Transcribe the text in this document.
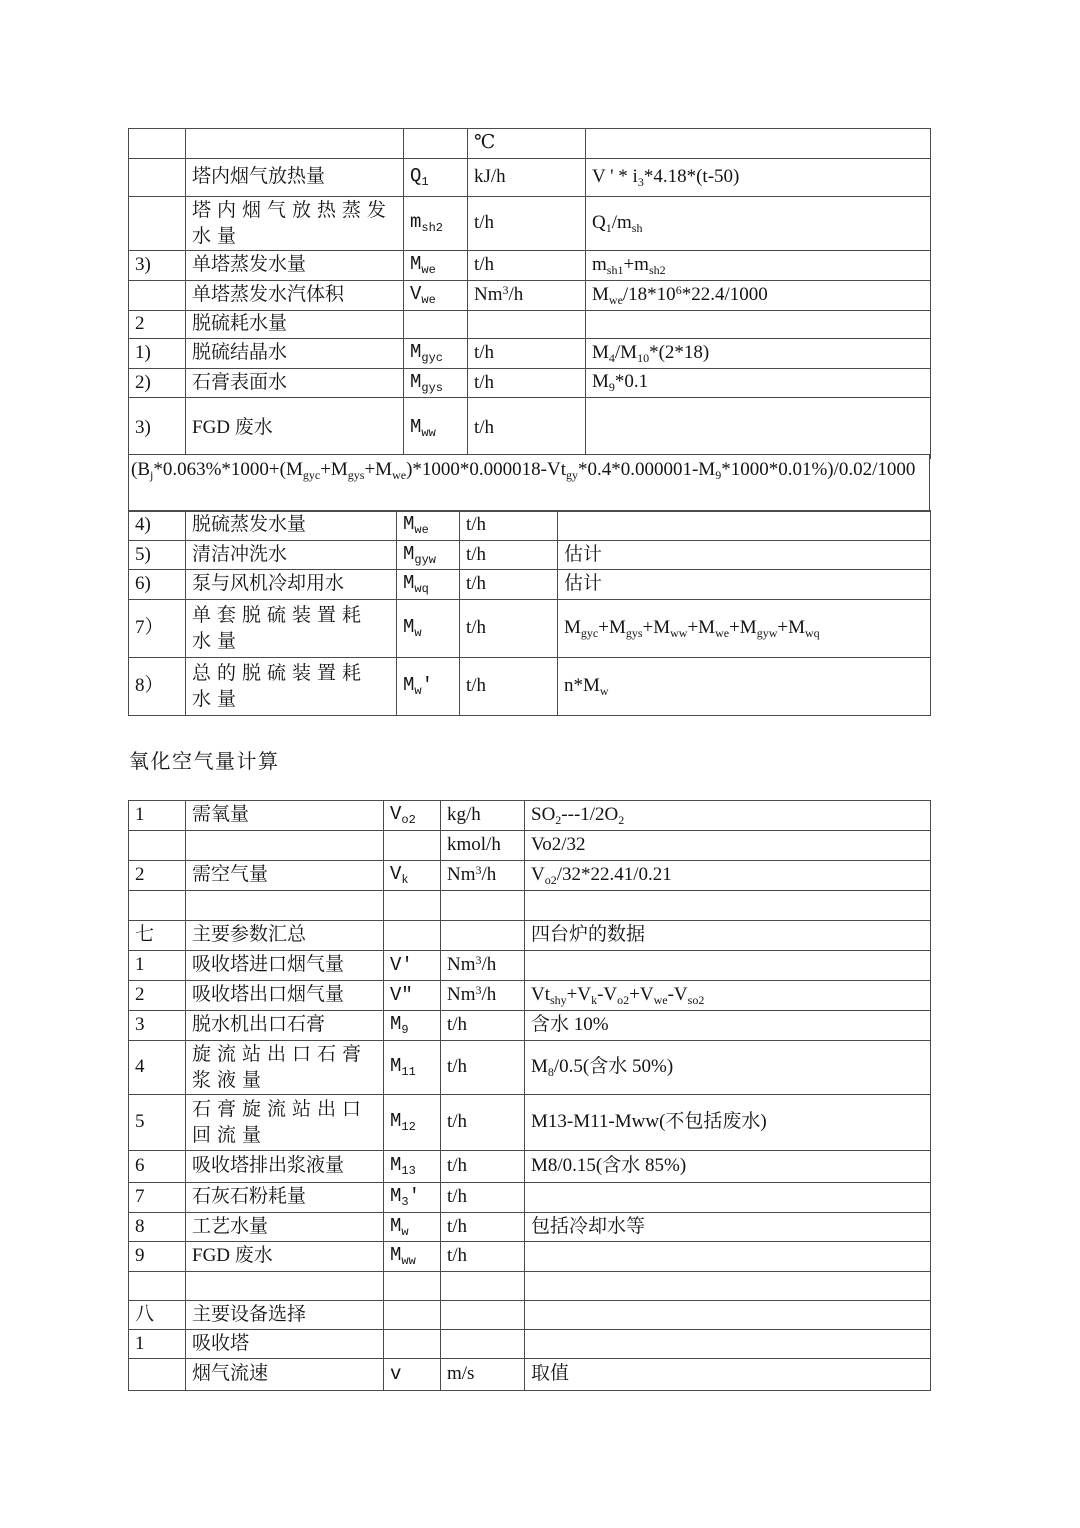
			℃	
	塔内烟气放热量	$Q_1$	kJ/h	V ' * $i_3*4.18*(t-50)$
	塔内烟气放热蒸发水量	$m_{sh2}$	t/h	$Q_1/m_{sh}$
3)	单塔蒸发水量	$M_{we}$	t/h	$m_{sh1}+m_{sh2}$
	单塔蒸发水汽体积	$V_{we}$	Nm$^3$/h	$M_{we}/18*10^6*22.4/1000$
2	脱硫耗水量			
1)	脱硫结晶水	$M_{gyc}$	t/h	$M_4/M_{10}*(2*18)$
2)	石膏表面水	$M_{gys}$	t/h	$M_9*0.1$
3)	FGD 废水	$M_{ww}$	t/h	
$(B_j*0.063\%*1000+(M_{gyc}+M_{gys}+M_{we})*1000*0.000018-Vt_{gy}*0.4*0.000001-M_9*1000*0.01\%)/0.02/1000$
4)	脱硫蒸发水量	$M_{we}$	t/h	
5)	清洁冲洗水	$M_{gyw}$	t/h	估计
6)	泵与风机冷却用水	$M_{wq}$	t/h	估计
7）	单套脱硫装置耗水量	$M_w$	t/h	$M_{gyc}+M_{gys}+M_{ww}+M_{we}+M_{gyw}+M_{wq}$
8）	总的脱硫装置耗水量	$M_w'$	t/h	$n*M_w$
氧化空气量计算
1	需氧量	$V_{o2}$	kg/h	$SO_2---1/2O_2$
			kmol/h	Vo2/32
2	需空气量	$V_k$	Nm$^3$/h	$V_{o2}/32*22.41/0.21$

七	主要参数汇总			四台炉的数据
1	吸收塔进口烟气量	V'	Nm$^3$/h	
2	吸收塔出口烟气量	V″	Nm$^3$/h	$Vt_{shy}+V_k-V_{o2}+V_{we}-V_{so2}$
3	脱水机出口石膏	$M_9$	t/h	含水 10%
4	旋流站出口石膏浆液量	$M_{11}$	t/h	$M_8/0.5$(含水 50%)
5	石膏旋流站出口回流量	$M_{12}$	t/h	M13-M11-Mww(不包括废水)
6	吸收塔排出浆液量	$M_{13}$	t/h	M8/0.15(含水 85%)
7	石灰石粉耗量	$M_3'$	t/h	
8	工艺水量	$M_w$	t/h	包括冷却水等
9	FGD 废水	$M_{ww}$	t/h	

八	主要设备选择			
1	吸收塔			
	烟气流速	v	m/s	取值
